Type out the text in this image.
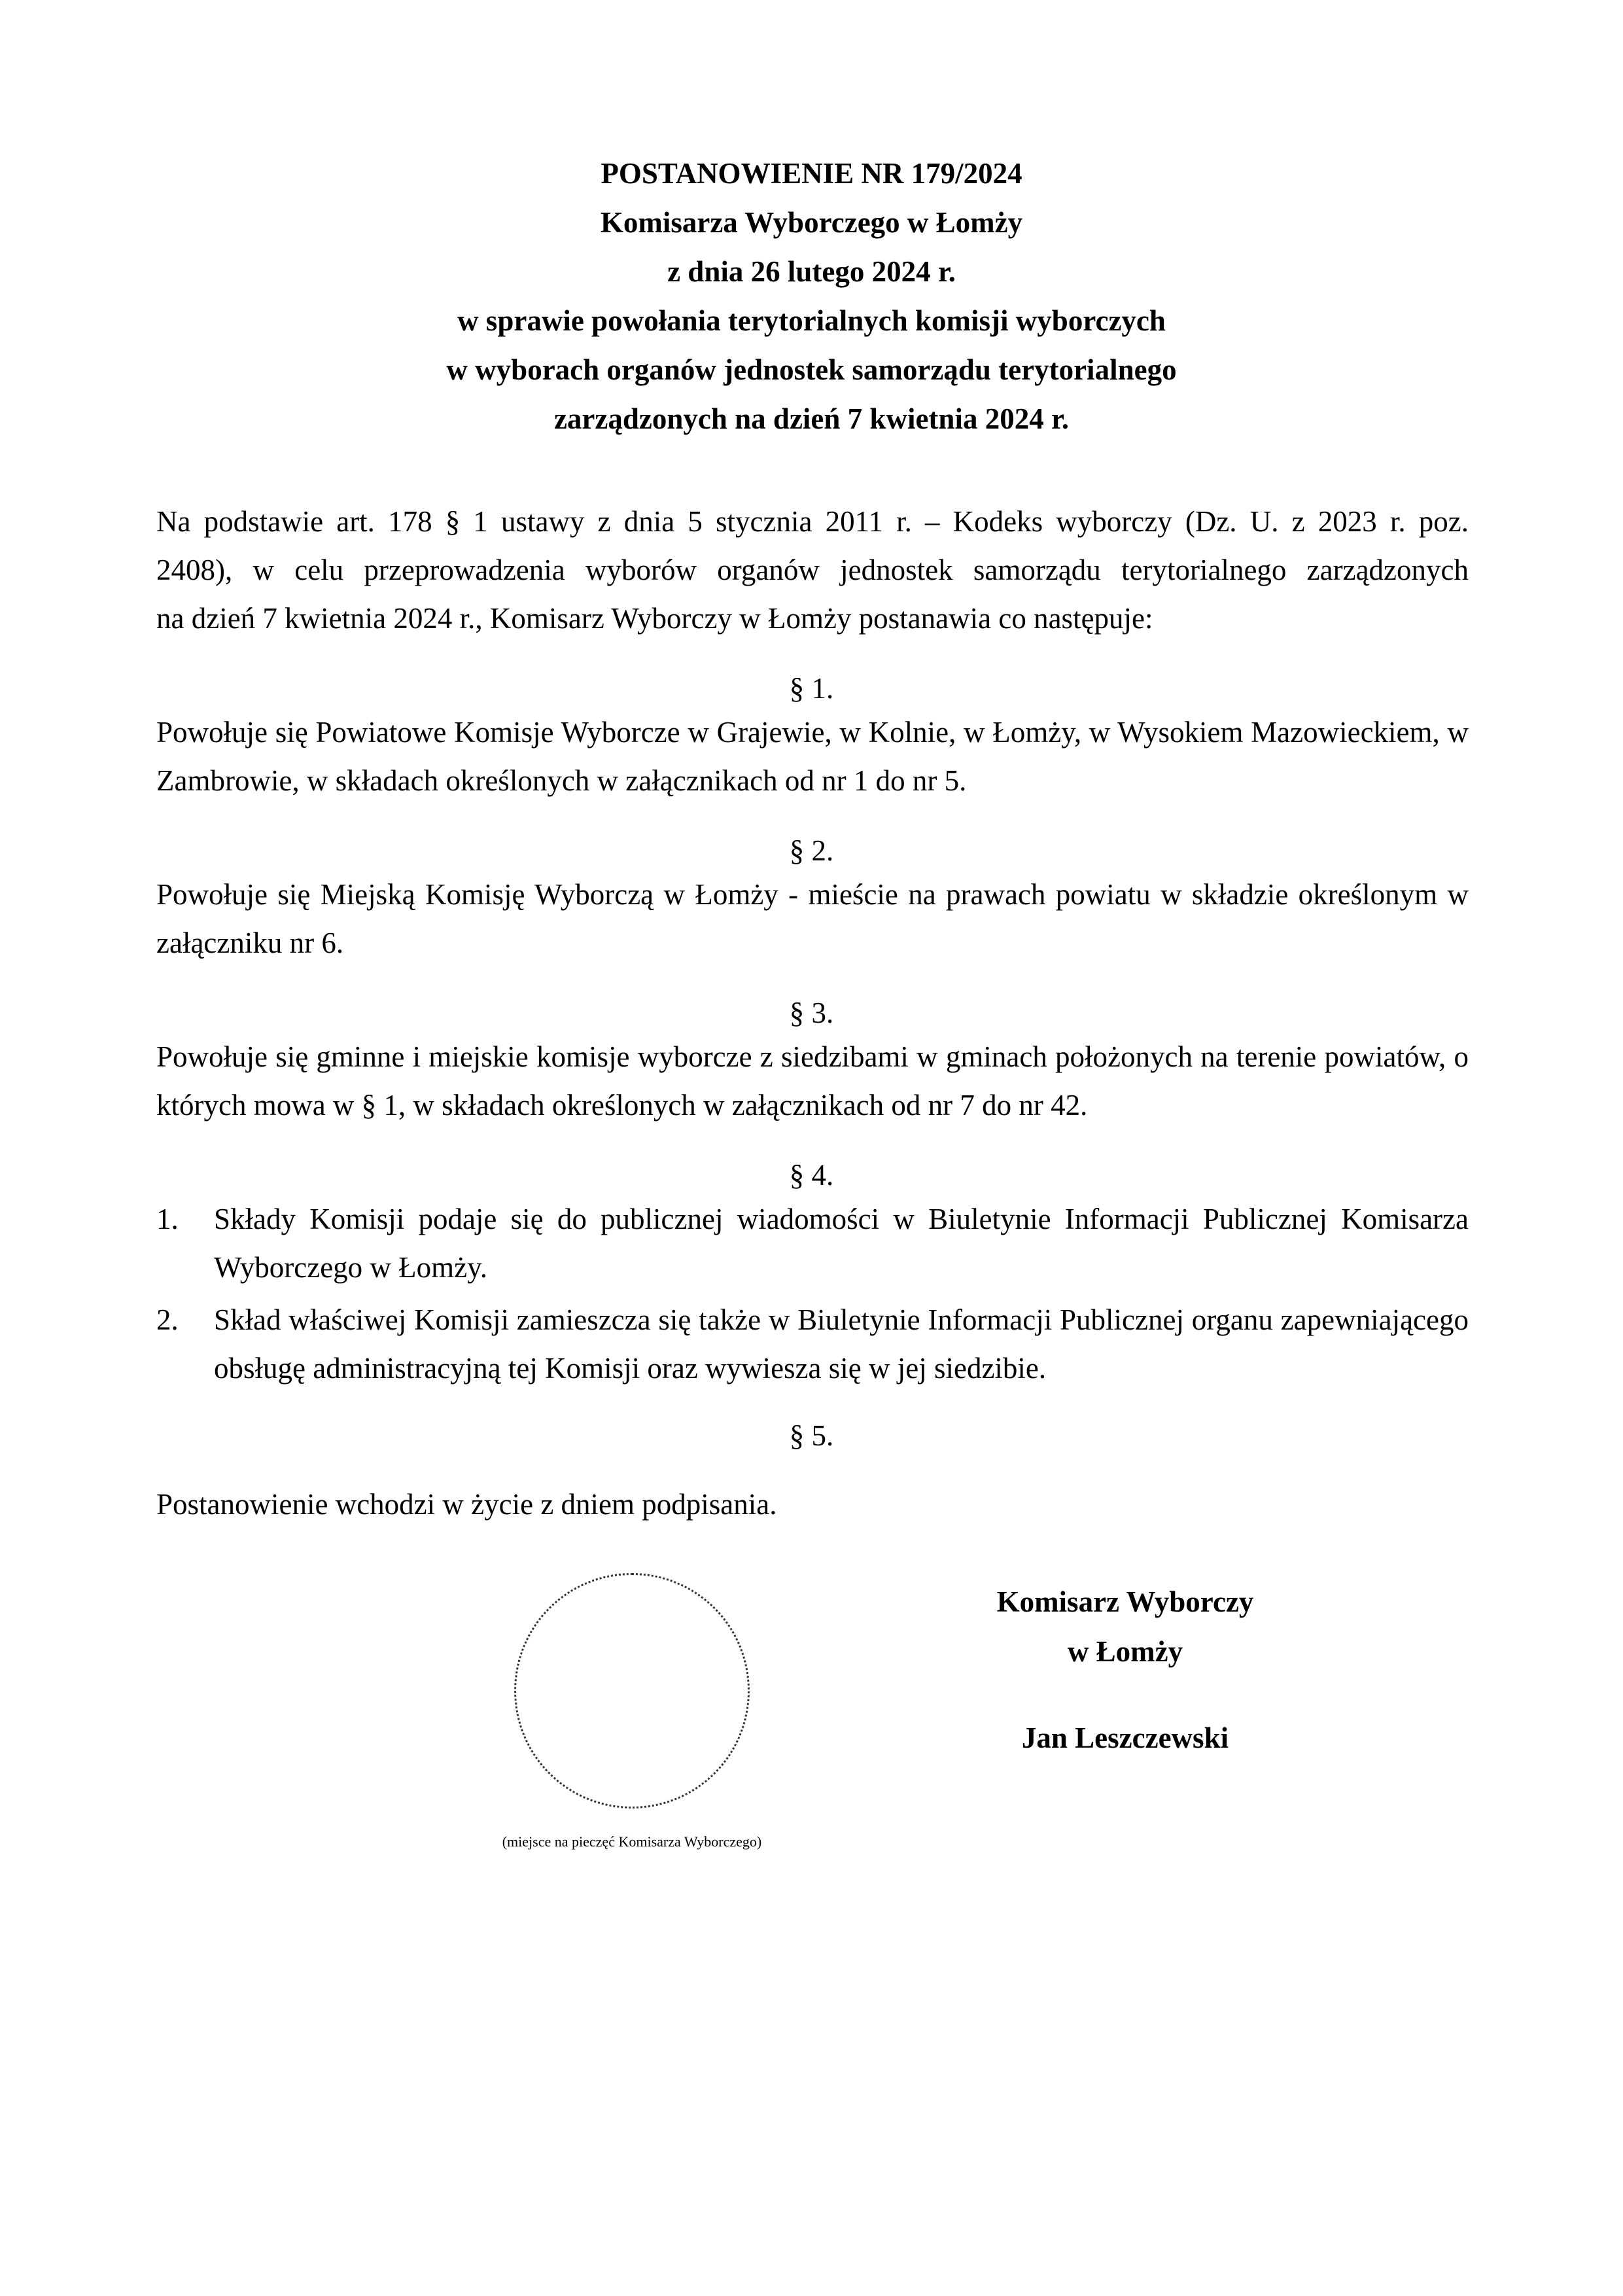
POSTANOWIENIE NR 179/2024
Komisarza Wyborczego w Łomży
z dnia 26 lutego 2024 r.
w sprawie powołania terytorialnych komisji wyborczych
w wyborach organów jednostek samorządu terytorialnego
zarządzonych na dzień 7 kwietnia 2024 r.
Na podstawie art. 178 § 1 ustawy z dnia 5 stycznia 2011 r. – Kodeks wyborczy (Dz. U. z 2023 r. poz.
2408), w celu przeprowadzenia wyborów organów jednostek samorządu terytorialnego zarządzonych
na dzień 7 kwietnia 2024 r., Komisarz Wyborczy w Łomży postanawia co następuje:
§ 1.
Powołuje się Powiatowe Komisje Wyborcze w Grajewie, w Kolnie, w Łomży, w Wysokiem Mazowieckiem, w Zambrowie, w składach określonych w załącznikach od nr 1 do nr 5.
§ 2.
Powołuje się Miejską Komisję Wyborczą w Łomży - mieście na prawach powiatu w składzie określonym w załączniku nr 6.
§ 3.
Powołuje się gminne i miejskie komisje wyborcze z siedzibami w gminach położonych na terenie powiatów, o których mowa w § 1, w składach określonych w załącznikach od nr 7 do nr 42.
§ 4.
1. Składy Komisji podaje się do publicznej wiadomości w Biuletynie Informacji Publicznej Komisarza Wyborczego w Łomży.
2. Skład właściwej Komisji zamieszcza się także w Biuletynie Informacji Publicznej organu zapewniającego obsługę administracyjną tej Komisji oraz wywiesza się w jej siedzibie.
§ 5.
Postanowienie wchodzi w życie z dniem podpisania.
(miejsce na pieczęć Komisarza Wyborczego)
Komisarz Wyborczy
w Łomży
Jan Leszczewski
